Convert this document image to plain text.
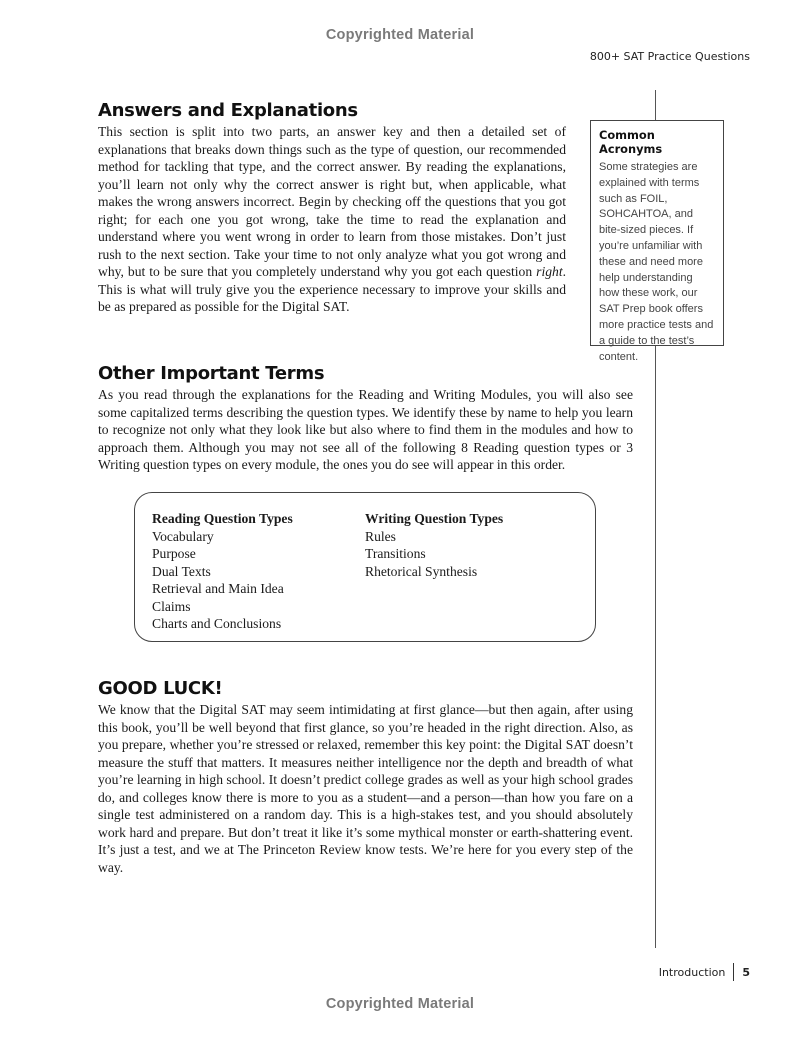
Copyrighted Material
800+ SAT Practice Questions
Answers and Explanations

This section is split into two parts, an answer key and then a detailed set of explanations that breaks down things such as the type of question, our recommended method for tackling that type, and the correct answer. By reading the explanations, you’ll learn not only why the correct answer is right but, when applicable, what makes the wrong answers incorrect. Begin by checking off the questions that you got right; for each one you got wrong, take the time to read the explanation and understand where you went wrong in order to learn from those mistakes. Don’t just rush to the next section. Take your time to not only analyze what you got wrong and why, but to be sure that you completely understand why you got each question right. This is what will truly give you the experience necessary to improve your skills and be as prepared as possible for the Digital SAT.

Common Acronyms

Some strategies are explained with terms such as FOIL, SOHCAHTOA, and bite-sized pieces. If you’re unfamiliar with these and need more help understanding how these work, our SAT Prep book offers more practice tests and a guide to the test’s content.

Other Important Terms

As you read through the explanations for the Reading and Writing Modules, you will also see some capitalized terms describing the question types. We identify these by name to help you learn to recognize not only what they look like but also where to find them in the modules and how to approach them. Although you may not see all of the following 8 Reading question types or 3 Writing question types on every module, the ones you do see will appear in this order.

Reading Question Types
Vocabulary
Purpose
Dual Texts
Retrieval and Main Idea
Claims
Charts and Conclusions
Writing Question Types
Rules
Transitions
Rhetorical Synthesis
GOOD LUCK!

We know that the Digital SAT may seem intimidating at first glance—but then again, after using this book, you’ll be well beyond that first glance, so you’re headed in the right direction. Also, as you prepare, whether you’re stressed or relaxed, remember this key point: the Digital SAT doesn’t measure the stuff that matters. It measures neither intelligence nor the depth and breadth of what you’re learning in high school. It doesn’t predict college grades as well as your high school grades do, and colleges know there is more to you as a student—and a person—than how you fare on a single test administered on a random day. This is a high-stakes test, and you should absolutely work hard and prepare. But don’t treat it like it’s some mythical monster or earth-shattering event. It’s just a test, and we at The Princeton Review know tests. We’re here for you every step of the way.

Introduction 5
Copyrighted Material
